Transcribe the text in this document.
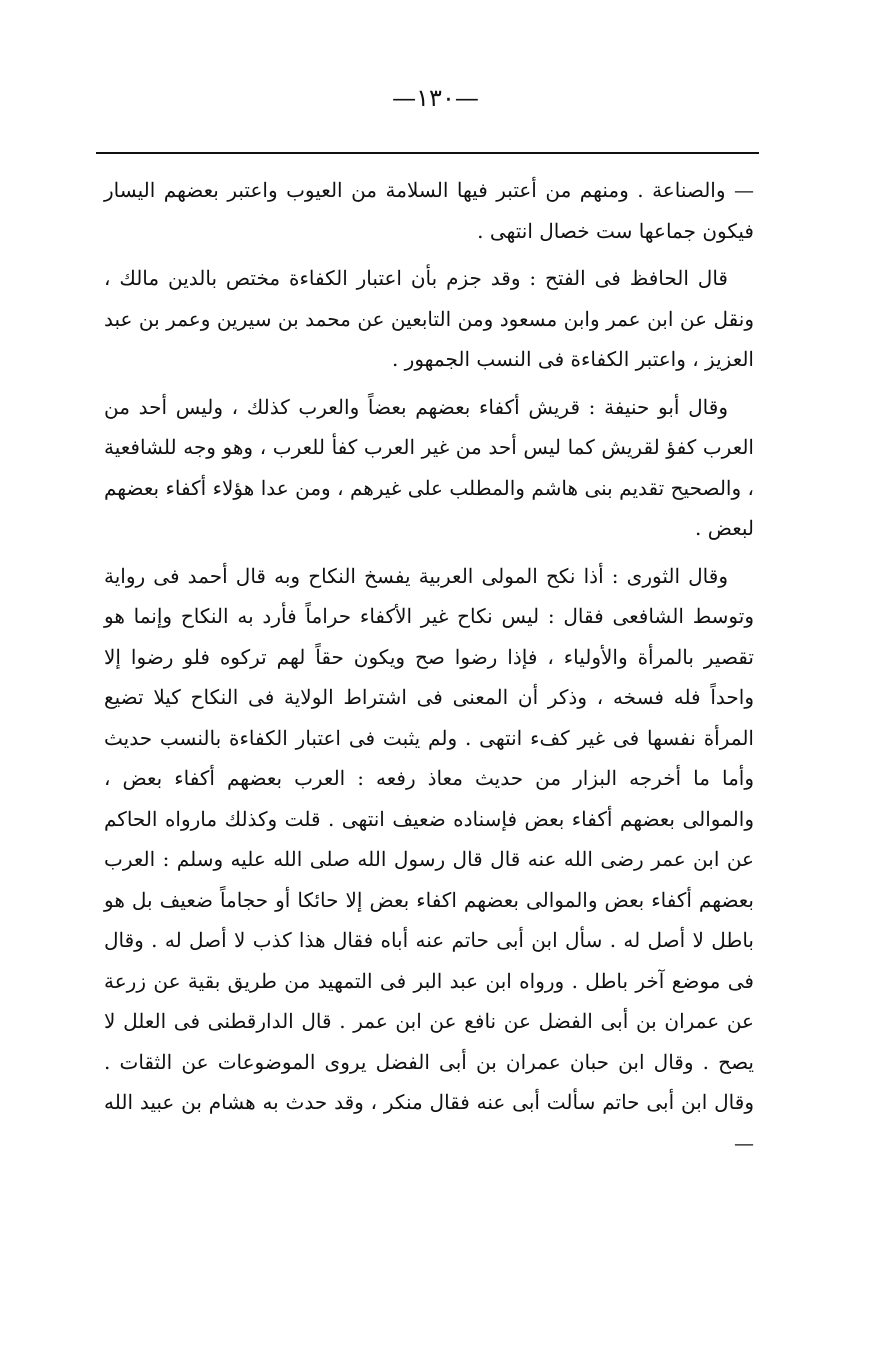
—١٣٠—

— والصناعة . ومنهم من أعتبر فيها السلامة من العيوب واعتبر بعضهم اليسار فيكون جماعها ست خصال انتهى .

قال الحافظ فى الفتح : وقد جزم بأن اعتبار الكفاءة مختص بالدين مالك ، ونقل عن ابن عمر وابن مسعود ومن التابعين عن محمد بن سيرين وعمر بن عبد العزيز ، واعتبر الكفاءة فى النسب الجمهور .

وقال أبو حنيفة : قريش أكفاء بعضهم بعضاً والعرب كذلك ، وليس أحد من العرب كفؤ لقريش كما ليس أحد من غير العرب كفأ للعرب ، وهو وجه للشافعية ، والصحيح تقديم بنى هاشم والمطلب على غيرهم ، ومن عدا هؤلاء أكفاء بعضهم لبعض .

وقال الثورى : أذا نكح المولى العربية يفسخ النكاح وبه قال أحمد فى رواية وتوسط الشافعى فقال : ليس نكاح غير الأكفاء حراماً فأرد به النكاح وإنما هو تقصير بالمرأة والأولياء ، فإذا رضوا صح ويكون حقاً لهم تركوه فلو رضوا إلا واحداً فله فسخه ، وذكر أن المعنى فى اشتراط الولاية فى النكاح كيلا تضيع المرأة نفسها فى غير كفء انتهى . ولم يثبت فى اعتبار الكفاءة بالنسب حديث وأما ما أخرجه البزار من حديث معاذ رفعه : العرب بعضهم أكفاء بعض ، والموالى بعضهم أكفاء بعض فإسناده ضعيف انتهى . قلت وكذلك مارواه الحاكم عن ابن عمر رضى الله عنه قال قال رسول الله صلى الله عليه وسلم : العرب بعضهم أكفاء بعض والموالى بعضهم اكفاء بعض إلا حائكا أو حجاماً ضعيف بل هو باطل لا أصل له . سأل ابن أبى حاتم عنه أباه فقال هذا كذب لا أصل له . وقال فى موضع آخر باطل . ورواه ابن عبد البر فى التمهيد من طريق بقية عن زرعة عن عمران بن أبى الفضل عن نافع عن ابن عمر . قال الدارقطنى فى العلل لا يصح . وقال ابن حبان عمران بن أبى الفضل يروى الموضوعات عن الثقات . وقال ابن أبى حاتم سألت أبى عنه فقال منكر ، وقد حدث به هشام بن عبيد الله —
